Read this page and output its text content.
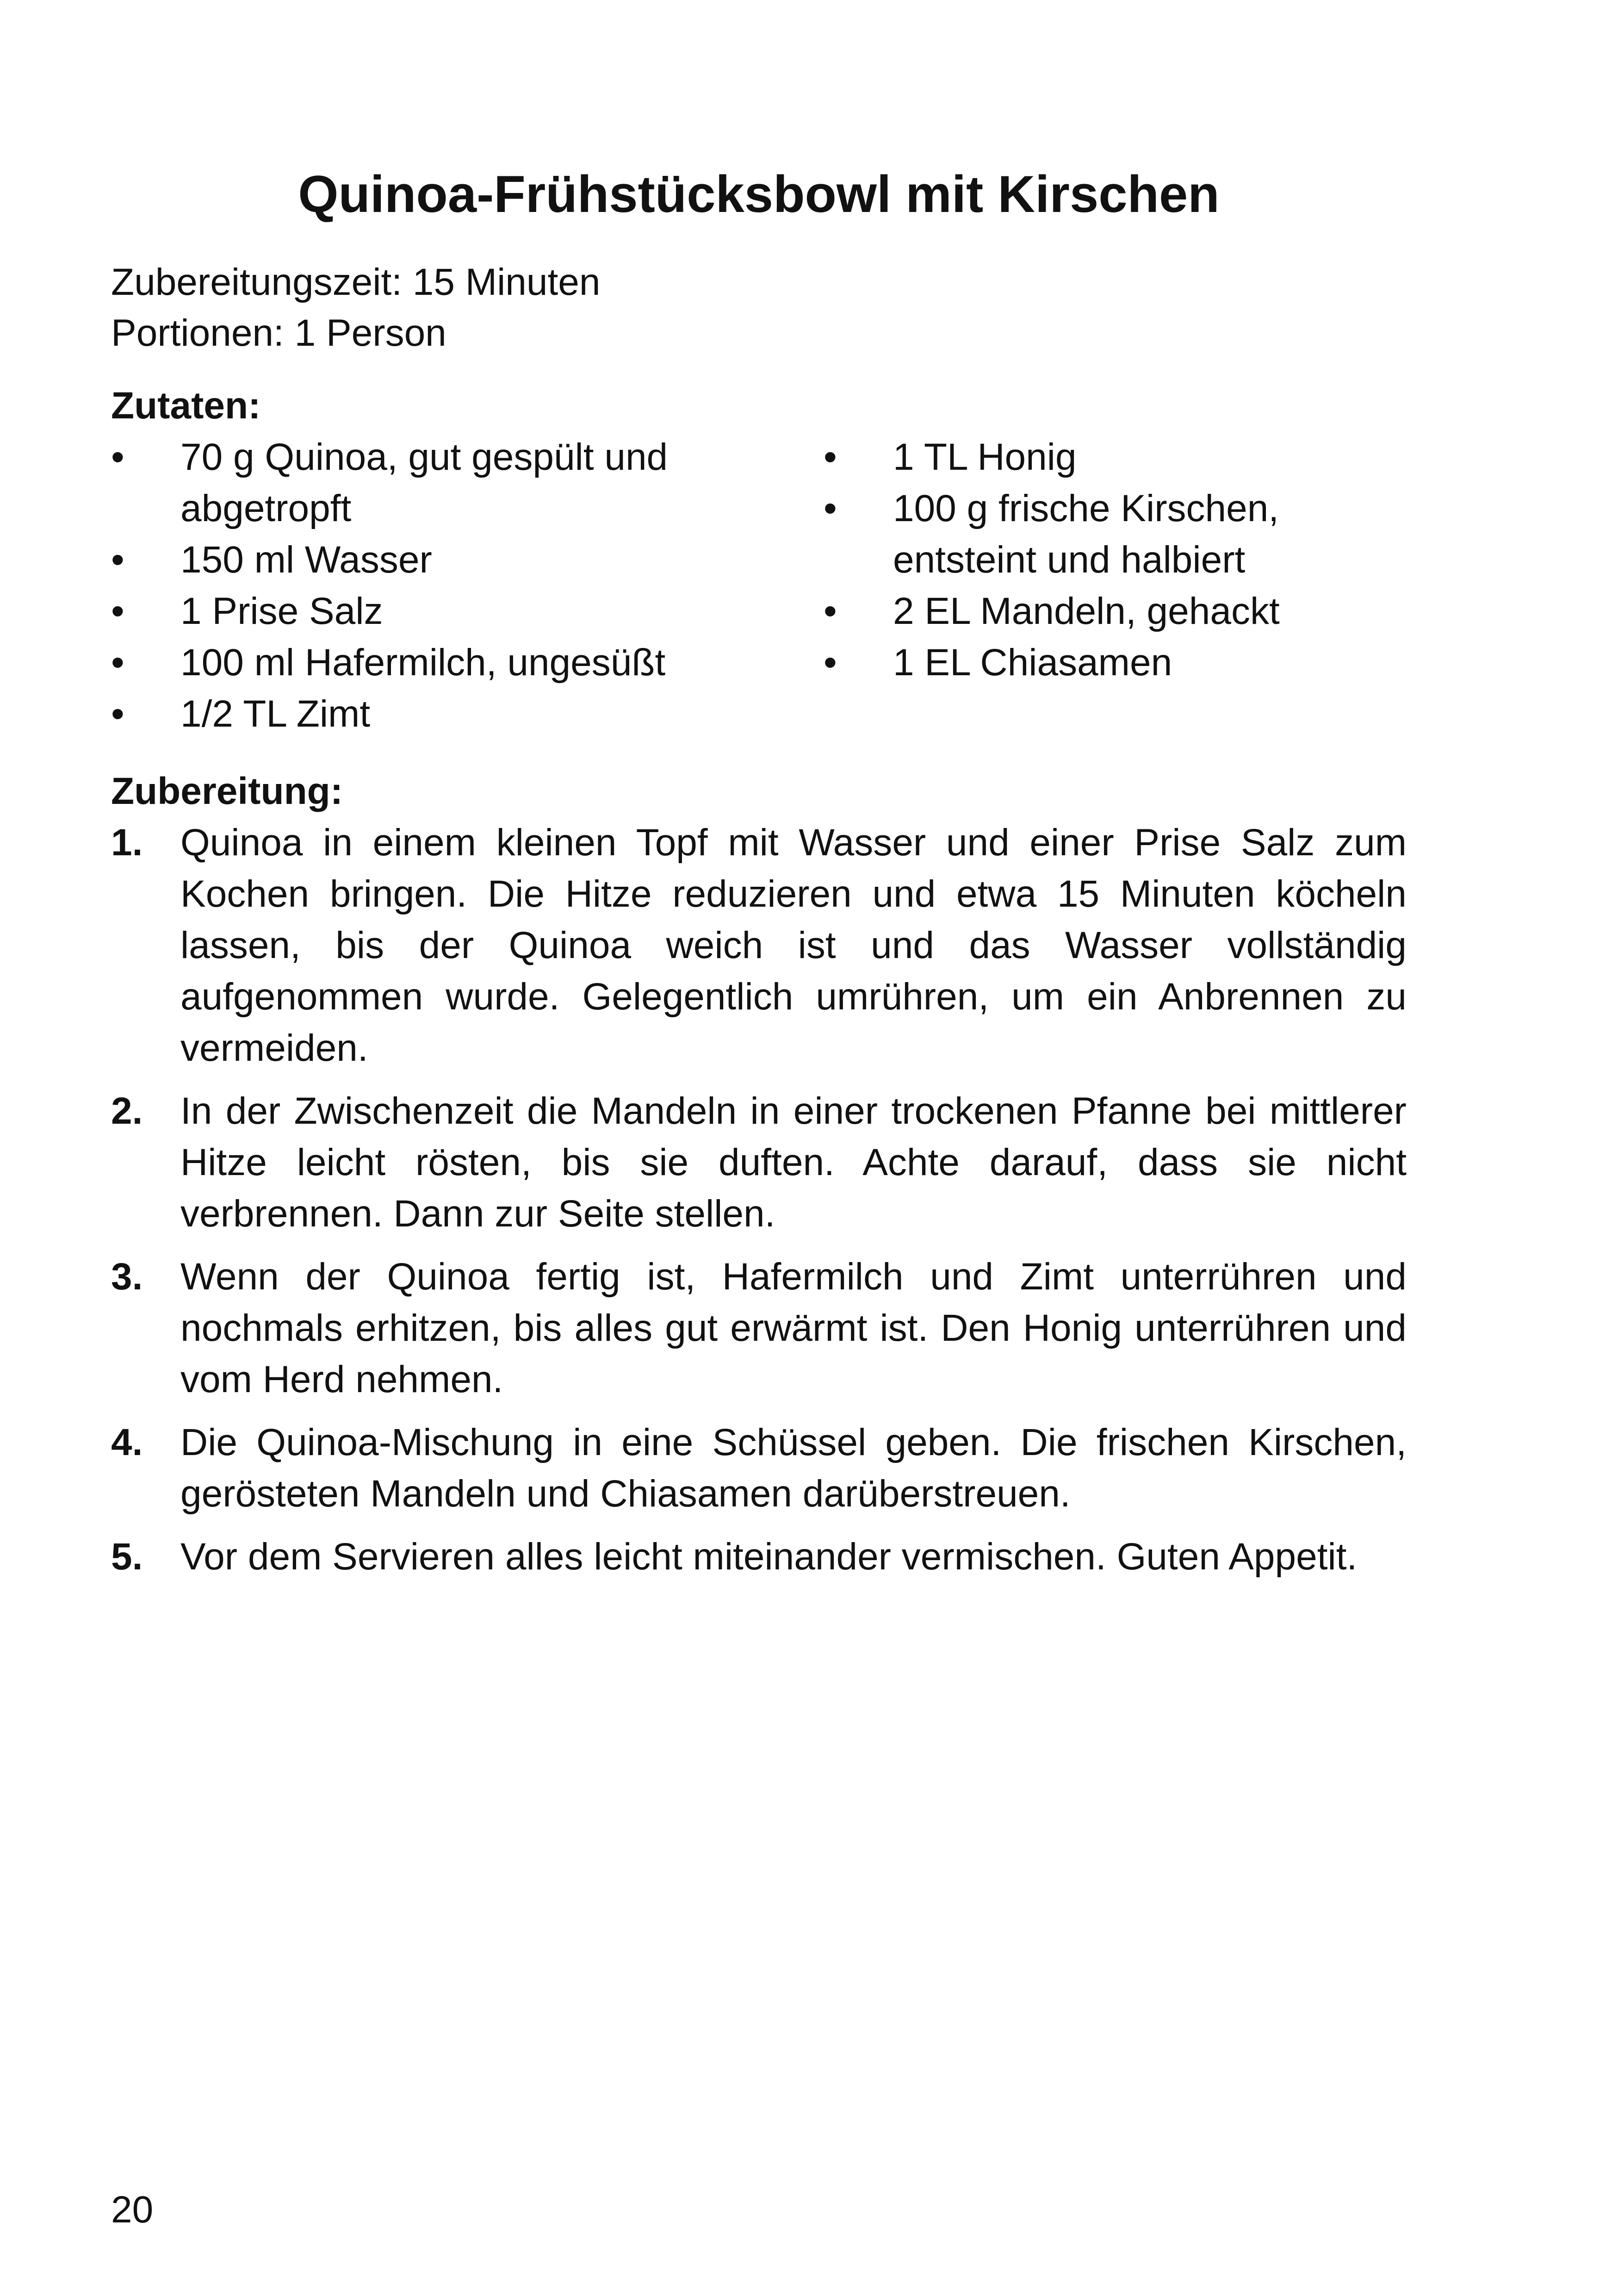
Quinoa-Frühstücksbowl mit Kirschen

Zubereitungszeit: 15 Minuten

Portionen: 1 Person

Zutaten:
•	70 g Quinoa, gut gespült und abgetropft
•	150 ml Wasser
•	1 Prise Salz
•	100 ml Hafermilch, ungesüßt
•	1/2 TL Zimt
•	1 TL Honig
•	100 g frische Kirschen, entsteint und halbiert
•	2 EL Mandeln, gehackt
•	1 EL Chiasamen
Zubereitung:
1. Quinoa in einem kleinen Topf mit Wasser und einer Prise Salz zum Kochen bringen. Die Hitze reduzieren und etwa 15 Minuten köcheln lassen, bis der Quinoa weich ist und das Wasser vollständig aufgenommen wurde. Gelegentlich umrühren, um ein Anbrennen zu vermeiden.
2. In der Zwischenzeit die Mandeln in einer trockenen Pfanne bei mittlerer Hitze leicht rösten, bis sie duften. Achte darauf, dass sie nicht verbrennen. Dann zur Seite stellen.
3. Wenn der Quinoa fertig ist, Hafermilch und Zimt unterrühren und nochmals erhitzen, bis alles gut erwärmt ist. Den Honig unterrühren und vom Herd nehmen.
4. Die Quinoa-Mischung in eine Schüssel geben. Die frischen Kirschen, gerösteten Mandeln und Chiasamen darüberstreuen.
5. Vor dem Servieren alles leicht miteinander vermischen. Guten Appetit.

20
